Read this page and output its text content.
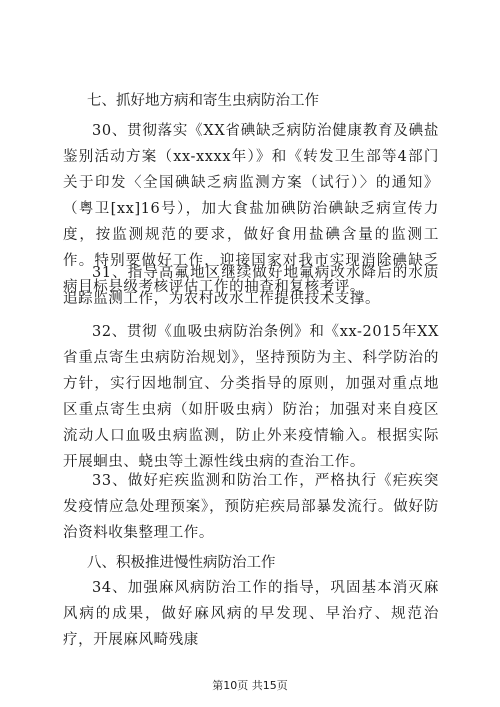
七、抓好地方病和寄生虫病防治工作

30、贯彻落实《XX省碘缺乏病防治健康教育及碘盐鉴别活动方案（xx-xxxx年）》和《转发卫生部等4部门关于印发〈全国碘缺乏病监测方案（试行）〉的通知》（粤卫[xx]16号），加大食盐加碘防治碘缺乏病宣传力度，按监测规范的要求，做好食用盐碘含量的监测工作。特别要做好工作，迎接国家对我市实现消除碘缺乏病目标县级考核评估工作的抽查和复核考评。

31、指导高氟地区继续做好地氟病改水降后的水质追踪监测工作，为农村改水工作提供技术支撑。

32、贯彻《血吸虫病防治条例》和《xx-2015年XX省重点寄生虫病防治规划》，坚持预防为主、科学防治的方针，实行因地制宜、分类指导的原则，加强对重点地区重点寄生虫病（如肝吸虫病）防治；加强对来自疫区流动人口血吸虫病监测，防止外来疫情输入。根据实际开展蛔虫、蛲虫等土源性线虫病的查治工作。

33、做好疟疾监测和防治工作，严格执行《疟疾突发疫情应急处理预案》，预防疟疾局部暴发流行。做好防治资料收集整理工作。

八、积极推进慢性病防治工作

34、加强麻风病防治工作的指导，巩固基本消灭麻风病的成果，做好麻风病的早发现、早治疗、规范治疗，开展麻风畸残康

第10页 共15页
